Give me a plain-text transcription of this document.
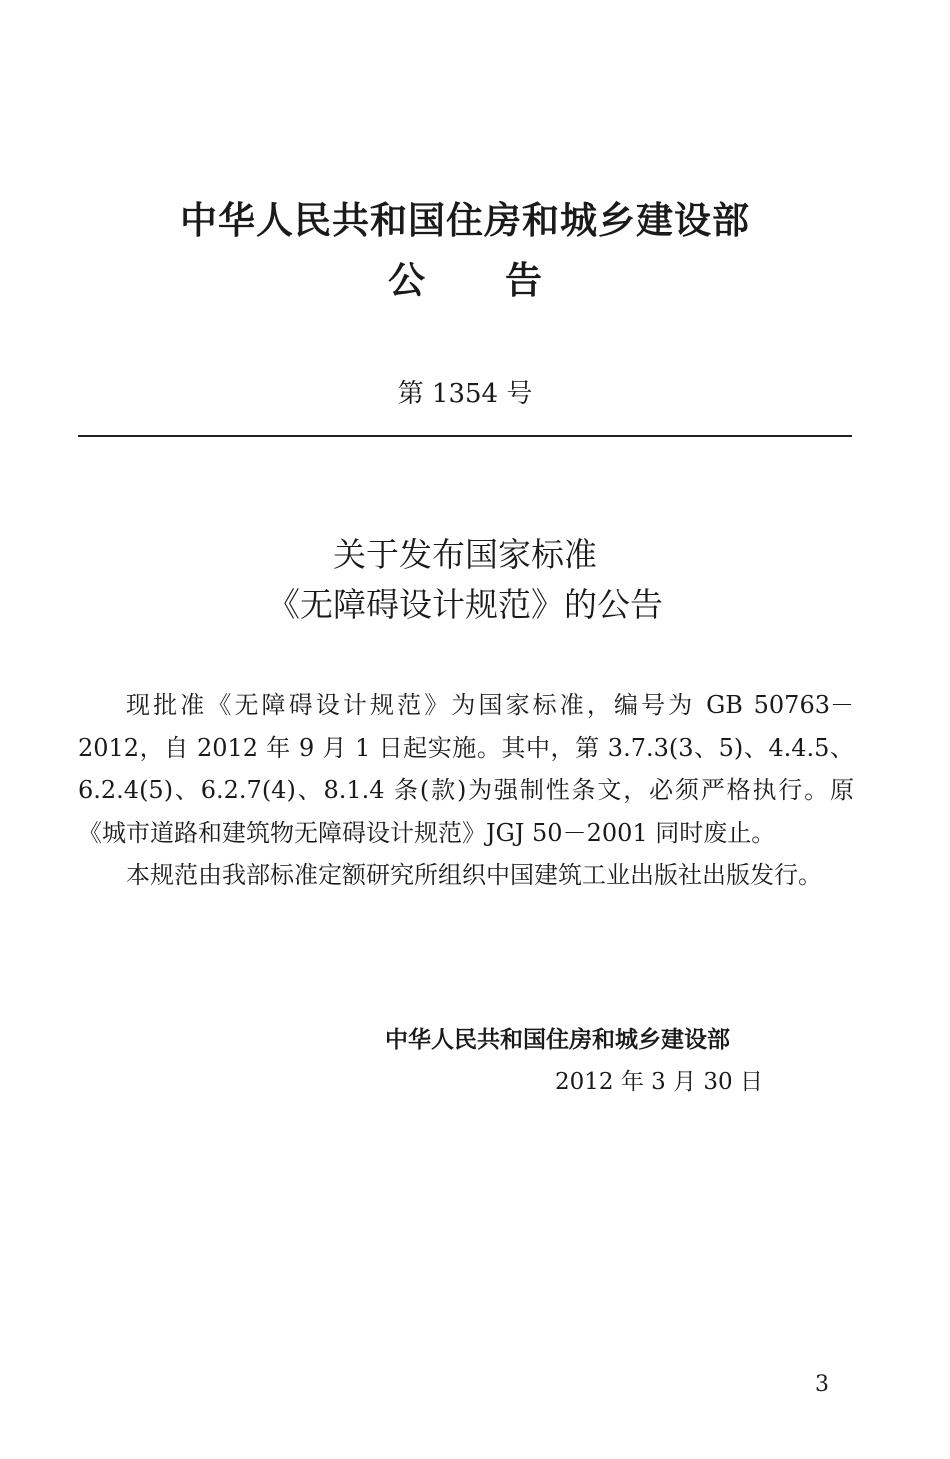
中华人民共和国住房和城乡建设部
公 告
第 1354 号
关于发布国家标准
《无障碍设计规范》的公告

现批准《无障碍设计规范》为国家标准，编号为 GB 50763－2012，自 2012 年 9 月 1 日起实施。其中，第 3.7.3(3、5)、4.4.5、6.2.4(5)、6.2.7(4)、8.1.4 条(款)为强制性条文，必须严格执行。原《城市道路和建筑物无障碍设计规范》JGJ 50－2001 同时废止。

本规范由我部标准定额研究所组织中国建筑工业出版社出版发行。

中华人民共和国住房和城乡建设部
2012 年 3 月 30 日
3
